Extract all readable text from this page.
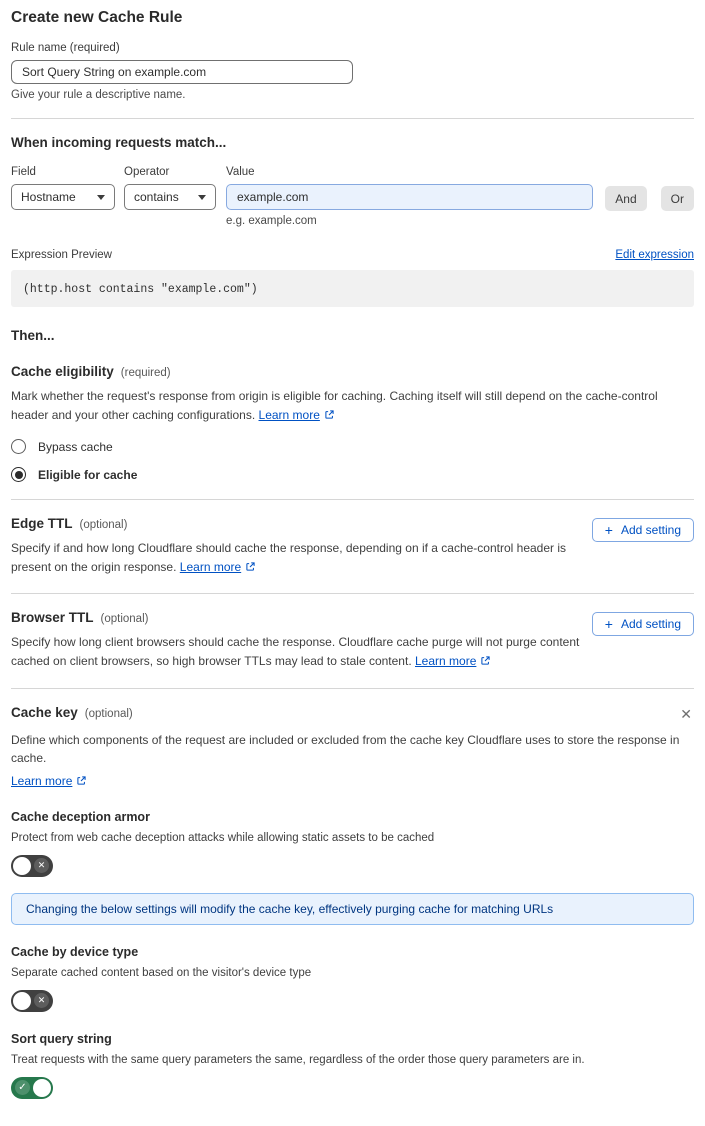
Create new Cache Rule
Rule name (required)
Sort Query String on example.com
Give your rule a descriptive name.
When incoming requests match...
Field
Hostname
Operator
contains
Value
example.com
e.g. example.com
And	Or
Expression Preview	Edit expression
(http.host contains "example.com")
Then...
Cache eligibility (required)

Mark whether the request's response from origin is eligible for caching. Caching itself will still depend on the cache-control header and your other caching configurations. Learn more

Bypass cache
Eligible for cache
Edge TTL (optional)

Specify if and how long Cloudflare should cache the response, depending on if a cache-control header is present on the origin response. Learn more

+ Add setting
Browser TTL (optional)

Specify how long client browsers should cache the response. Cloudflare cache purge will not purge content cached on client browsers, so high browser TTLs may lead to stale content. Learn more

+ Add setting
Cache key (optional)	✕

Define which components of the request are included or excluded from the cache key Cloudflare uses to store the response in cache.

Learn more
Cache deception armor

Protect from web cache deception attacks while allowing static assets to be cached

✕
Changing the below settings will modify the cache key, effectively purging cache for matching URLs
Cache by device type

Separate cached content based on the visitor's device type

✕
Sort query string

Treat requests with the same query parameters the same, regardless of the order those query parameters are in.

✓
